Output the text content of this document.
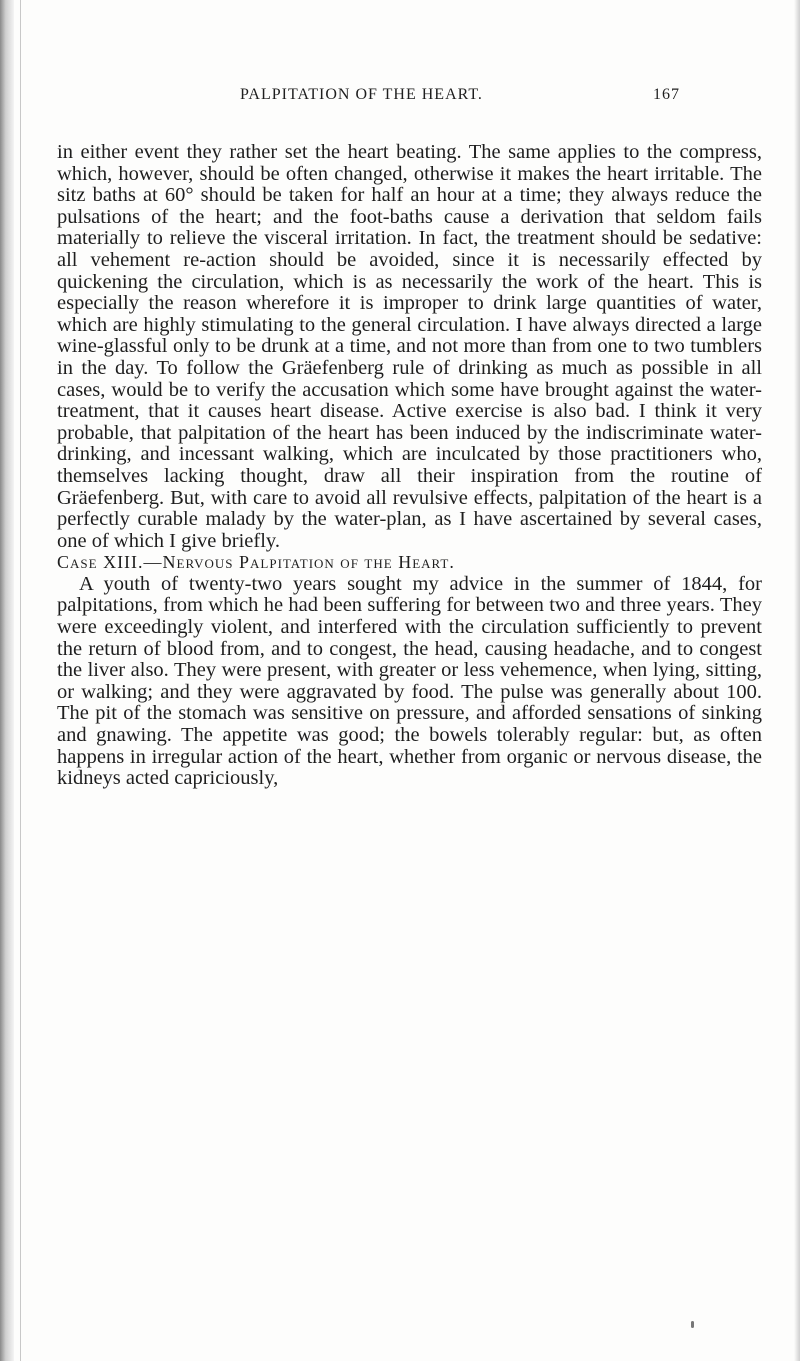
PALPITATION OF THE HEART.	167

in either event they rather set the heart beating. The same applies to the compress, which, however, should be often changed, otherwise it makes the heart irritable. The sitz baths at 60° should be taken for half an hour at a time; they always reduce the pulsations of the heart; and the foot-baths cause a derivation that seldom fails materially to relieve the visceral irritation. In fact, the treatment should be sedative: all vehement re-action should be avoided, since it is necessarily effected by quickening the circulation, which is as necessarily the work of the heart. This is especially the reason wherefore it is improper to drink large quantities of water, which are highly stimulating to the general circulation. I have always directed a large wine-glassful only to be drunk at a time, and not more than from one to two tumblers in the day. To follow the Gräefenberg rule of drinking as much as possible in all cases, would be to verify the accusation which some have brought against the water-treatment, that it causes heart disease. Active exercise is also bad. I think it very probable, that palpitation of the heart has been induced by the indiscriminate water-drinking, and incessant walking, which are inculcated by those practitioners who, themselves lacking thought, draw all their inspiration from the routine of Gräefenberg. But, with care to avoid all revulsive effects, palpitation of the heart is a perfectly curable malady by the water-plan, as I have ascertained by several cases, one of which I give briefly.

Case XIII.—Nervous Palpitation of the Heart.

A youth of twenty-two years sought my advice in the summer of 1844, for palpitations, from which he had been suffering for between two and three years. They were exceedingly violent, and interfered with the circulation sufficiently to prevent the return of blood from, and to congest, the head, causing headache, and to congest the liver also. They were present, with greater or less vehemence, when lying, sitting, or walking; and they were aggravated by food. The pulse was generally about 100. The pit of the stomach was sensitive on pressure, and afforded sensations of sinking and gnawing. The appetite was good; the bowels tolerably regular: but, as often happens in irregular action of the heart, whether from organic or nervous disease, the kidneys acted capriciously,
